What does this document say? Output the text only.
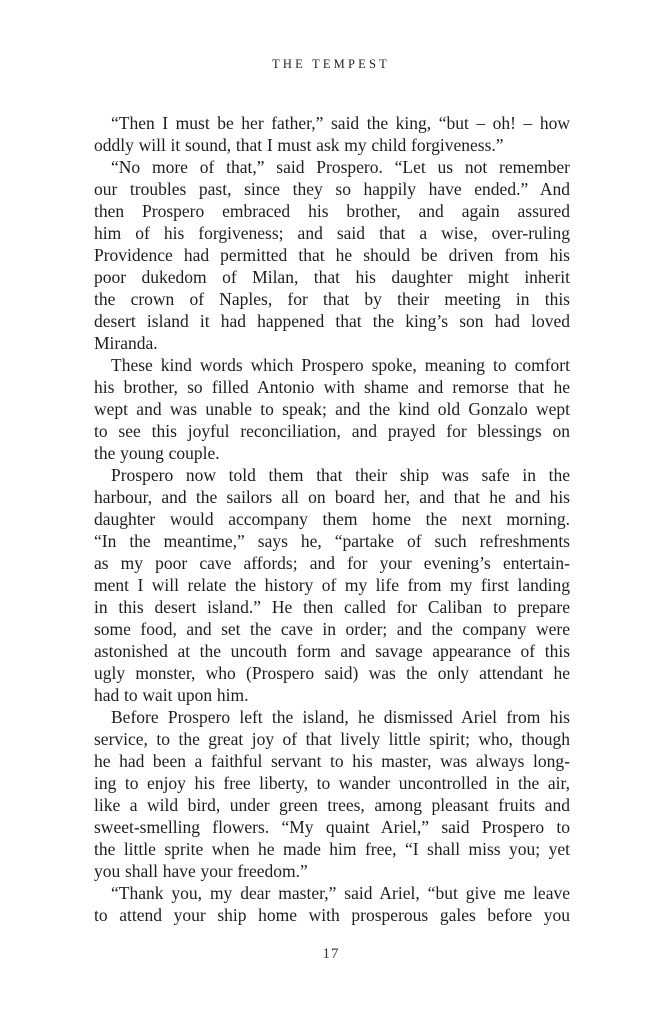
THE TEMPEST
“Then I must be her father,” said the king, “but – oh! – how
oddly will it sound, that I must ask my child forgiveness.”
“No more of that,” said Prospero. “Let us not remember
our troubles past, since they so happily have ended.” And
then Prospero embraced his brother, and again assured
him of his forgiveness; and said that a wise, over-ruling
Providence had permitted that he should be driven from his
poor dukedom of Milan, that his daughter might inherit
the crown of Naples, for that by their meeting in this
desert island it had happened that the king’s son had loved
Miranda.
These kind words which Prospero spoke, meaning to comfort
his brother, so filled Antonio with shame and remorse that he
wept and was unable to speak; and the kind old Gonzalo wept
to see this joyful reconciliation, and prayed for blessings on
the young couple.
Prospero now told them that their ship was safe in the
harbour, and the sailors all on board her, and that he and his
daughter would accompany them home the next morning.
“In the meantime,” says he, “partake of such refreshments
as my poor cave affords; and for your evening’s entertain-
ment I will relate the history of my life from my first landing
in this desert island.” He then called for Caliban to prepare
some food, and set the cave in order; and the company were
astonished at the uncouth form and savage appearance of this
ugly monster, who (Prospero said) was the only attendant he
had to wait upon him.
Before Prospero left the island, he dismissed Ariel from his
service, to the great joy of that lively little spirit; who, though
he had been a faithful servant to his master, was always long-
ing to enjoy his free liberty, to wander uncontrolled in the air,
like a wild bird, under green trees, among pleasant fruits and
sweet-smelling flowers. “My quaint Ariel,” said Prospero to
the little sprite when he made him free, “I shall miss you; yet
you shall have your freedom.”
“Thank you, my dear master,” said Ariel, “but give me leave
to attend your ship home with prosperous gales before you
17
